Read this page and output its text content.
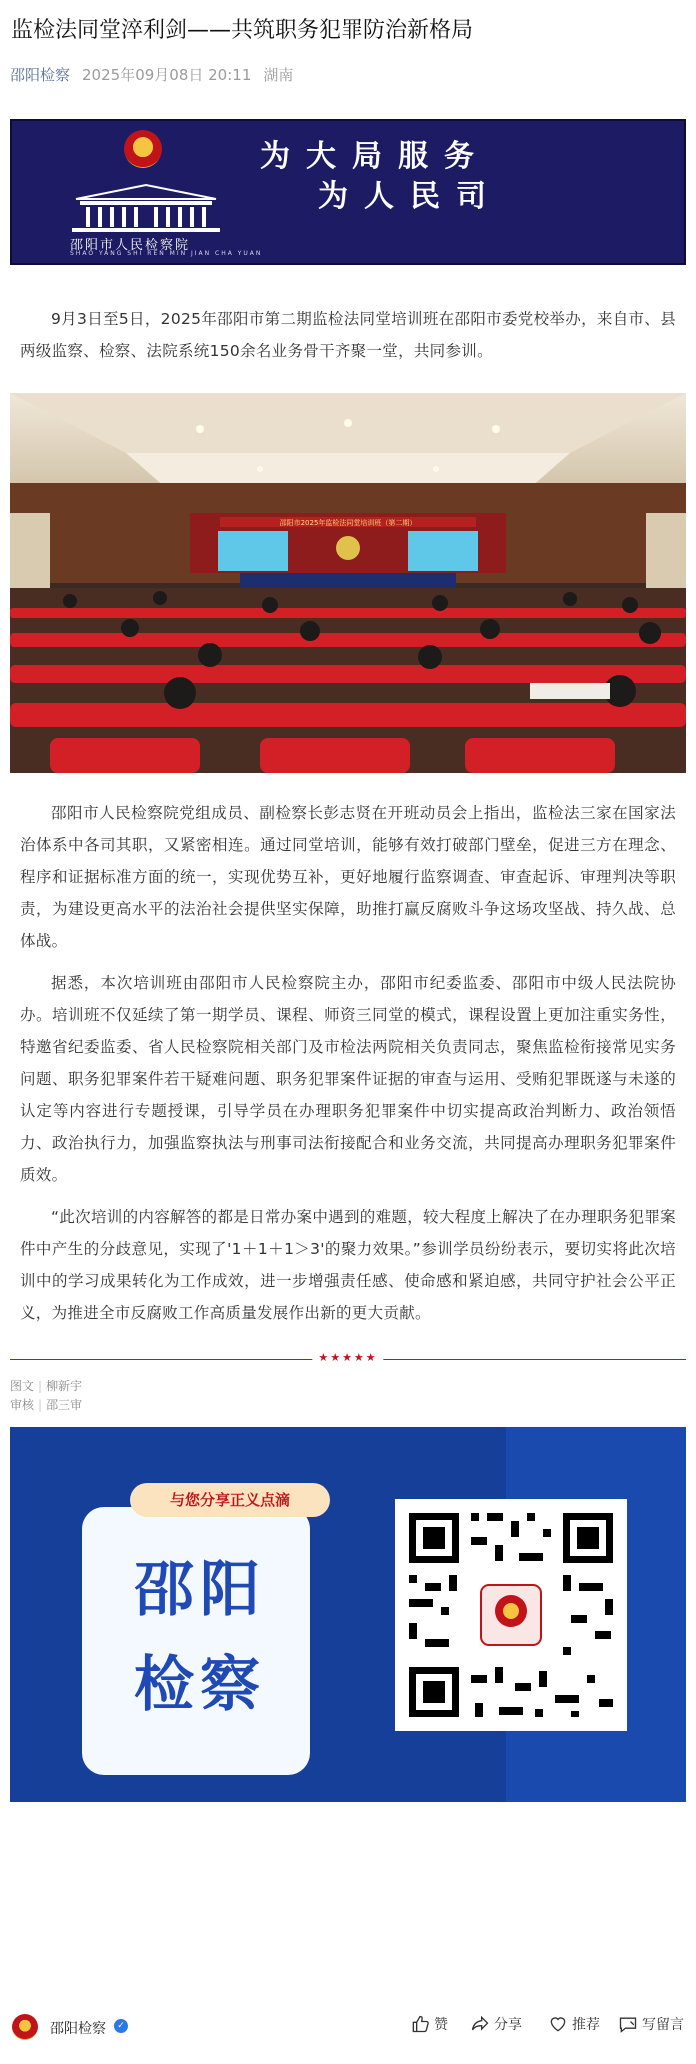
监检法同堂淬利剑——共筑职务犯罪防治新格局
邵阳检察 2025年09月08日 20:11 湖南
邵阳市人民检察院
SHAO YANG SHI REN MIN JIAN CHA YUAN
为大局服务
为人民司

9月3日至5日，2025年邵阳市第二期监检法同堂培训班在邵阳市委党校举办，来自市、县两级监察、检察、法院系统150余名业务骨干齐聚一堂，共同参训。

邵阳市2025年监检法同堂培训班（第二期）

邵阳市人民检察院党组成员、副检察长彭志贤在开班动员会上指出，监检法三家在国家法治体系中各司其职，又紧密相连。通过同堂培训，能够有效打破部门壁垒，促进三方在理念、程序和证据标准方面的统一，实现优势互补，更好地履行监察调查、审查起诉、审理判决等职责，为建设更高水平的法治社会提供坚实保障，助推打赢反腐败斗争这场攻坚战、持久战、总体战。

据悉，本次培训班由邵阳市人民检察院主办，邵阳市纪委监委、邵阳市中级人民法院协办。培训班不仅延续了第一期学员、课程、师资三同堂的模式，课程设置上更加注重实务性，特邀省纪委监委、省人民检察院相关部门及市检法两院相关负责同志，聚焦监检衔接常见实务问题、职务犯罪案件若干疑难问题、职务犯罪案件证据的审查与运用、受贿犯罪既遂与未遂的认定等内容进行专题授课，引导学员在办理职务犯罪案件中切实提高政治判断力、政治领悟力、政治执行力，加强监察执法与刑事司法衔接配合和业务交流，共同提高办理职务犯罪案件质效。

“此次培训的内容解答的都是日常办案中遇到的难题，较大程度上解决了在办理职务犯罪案件中产生的分歧意见，实现了'1＋1＋1＞3'的聚力效果。”参训学员纷纷表示，要切实将此次培训中的学习成果转化为工作成效，进一步增强责任感、使命感和紧迫感，共同守护社会公平正义，为推进全市反腐败工作高质量发展作出新的更大贡献。

★★★★★
图文 | 柳新宇
审核 | 邵三审
与您分享正义点滴
邵阳
检察
邵阳检察	✓	赞	分享	推荐	写留言
